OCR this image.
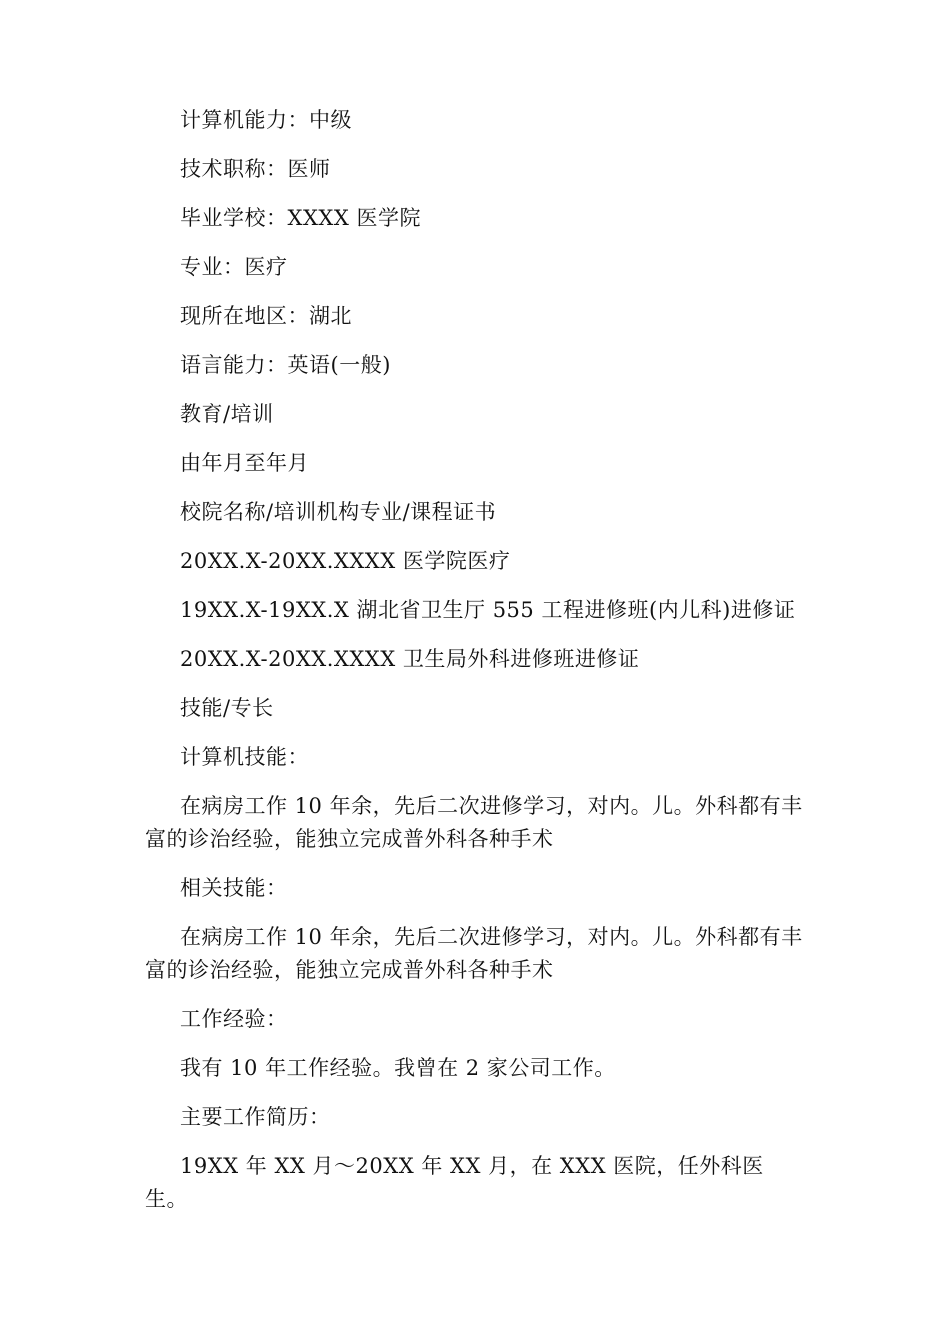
计算机能力：中级

技术职称：医师

毕业学校：XXXX 医学院

专业：医疗

现所在地区：湖北

语言能力：英语(一般)

教育/培训

由年月至年月

校院名称/培训机构专业/课程证书

20XX.X-20XX.XXXX 医学院医疗

19XX.X-19XX.X 湖北省卫生厅 555 工程进修班(内儿科)进修证

20XX.X-20XX.XXXX 卫生局外科进修班进修证

技能/专长

计算机技能：

在病房工作 10 年余，先后二次进修学习，对内。儿。外科都有丰富的诊治经验，能独立完成普外科各种手术

相关技能：

在病房工作 10 年余，先后二次进修学习，对内。儿。外科都有丰富的诊治经验，能独立完成普外科各种手术

工作经验：

我有 10 年工作经验。我曾在 2 家公司工作。

主要工作简历：

19XX 年 XX 月～20XX 年 XX 月，在 XXX 医院，任外科医生。
